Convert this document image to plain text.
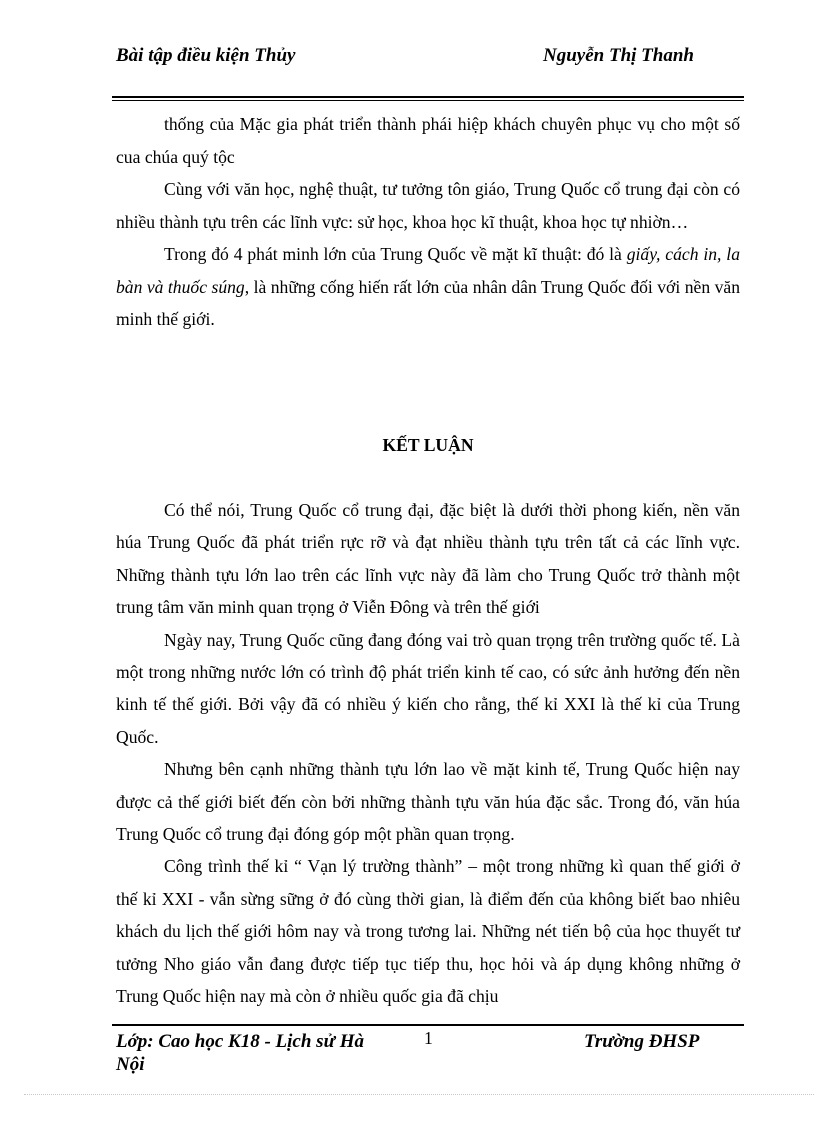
Bài tập điều kiện Thủy	Nguyễn Thị Thanh

thống của Mặc gia phát triển thành phái hiệp khách chuyên phục vụ cho một số cua chúa quý tộc

Cùng với văn học, nghệ thuật, tư tưởng tôn giáo, Trung Quốc cổ trung đại còn có nhiều thành tựu trên các lĩnh vực: sử học, khoa học kĩ thuật, khoa học tự nhiờn…

Trong đó 4 phát minh lớn của Trung Quốc về mặt kĩ thuật: đó là giấy, cách in, la bàn và thuốc súng, là những cống hiến rất lớn của nhân dân Trung Quốc đối với nền văn minh thế giới.

KẾT LUẬN

Có thể nói, Trung Quốc cổ trung đại, đặc biệt là dưới thời phong kiến, nền văn húa Trung Quốc đã phát triển rực rỡ và đạt nhiều thành tựu trên tất cả các lĩnh vực. Những thành tựu lớn lao trên các lĩnh vực này đã làm cho Trung Quốc trở thành một trung tâm văn minh quan trọng ở Viễn Đông và trên thế giới

Ngày nay, Trung Quốc cũng đang đóng vai trò quan trọng trên trường quốc tế. Là một trong những nước lớn có trình độ phát triển kinh tế cao, có sức ảnh hưởng đến nền kinh tế thế giới. Bởi vậy đã có nhiều ý kiến cho rằng, thế kỉ XXI là thế kỉ của Trung Quốc.

Nhưng bên cạnh những thành tựu lớn lao về mặt kinh tế, Trung Quốc hiện nay được cả thế giới biết đến còn bởi những thành tựu văn húa đặc sắc. Trong đó, văn húa Trung Quốc cổ trung đại đóng góp một phần quan trọng.

Công trình thế kỉ “ Vạn lý trường thành” – một trong những kì quan thế giới ở thế kỉ XXI - vẫn sừng sững ở đó cùng thời gian, là điểm đến của không biết bao nhiêu khách du lịch thế giới hôm nay và trong tương lai. Những nét tiến bộ của học thuyết tư tưởng Nho giáo vẫn đang được tiếp tục tiếp thu, học hỏi và áp dụng không những ở Trung Quốc hiện nay mà còn ở nhiều quốc gia đã chịu

Lớp: Cao học K18 - Lịch sử Hà Nội
1	Trường ĐHSP
